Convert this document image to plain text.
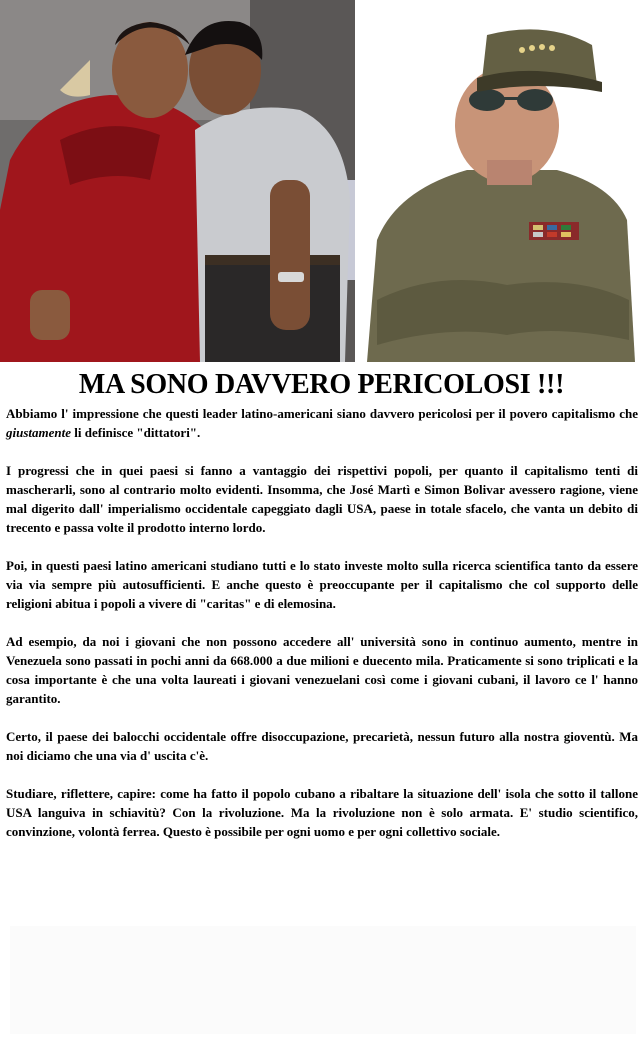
MA SONO DAVVERO PERICOLOSI !!!

Abbiamo l' impressione che questi leader latino-americani siano davvero pericolosi per il povero capitalismo che giustamente li definisce "dittatori".

I progressi che in quei paesi si fanno a vantaggio dei rispettivi popoli, per quanto il capitalismo tenti di mascherarli, sono al contrario molto evidenti. Insomma, che José Martì e Simon Bolivar avessero ragione, viene mal digerito dall' imperialismo occidentale capeggiato dagli USA, paese in totale sfacelo, che vanta un debito di trecento e passa volte il prodotto interno lordo.

Poi, in questi paesi latino americani studiano tutti e lo stato investe molto sulla ricerca scientifica tanto da essere via via sempre più autosufficienti. E anche questo è preoccupante per il capitalismo che col supporto delle religioni abitua i popoli a vivere di "caritas" e di elemosina.

Ad esempio, da noi i giovani che non possono accedere all' università sono in continuo aumento, mentre in Venezuela sono passati in pochi anni da 668.000 a due milioni e duecento mila. Praticamente si sono triplicati e la cosa importante è che una volta laureati i giovani venezuelani così come i giovani cubani, il lavoro ce l' hanno garantito.

Certo, il paese dei balocchi occidentale offre disoccupazione, precarietà, nessun futuro alla nostra gioventù. Ma noi diciamo che una via d' uscita c'è.

Studiare, riflettere, capire: come ha fatto il popolo cubano a ribaltare la situazione dell' isola che sotto il tallone USA languiva in schiavitù? Con la rivoluzione. Ma la rivoluzione non è solo armata. E' studio scientifico, convinzione, volontà ferrea. Questo è possibile per ogni uomo e per ogni collettivo sociale.
